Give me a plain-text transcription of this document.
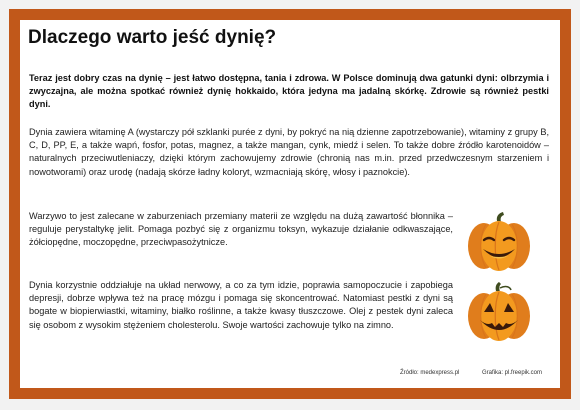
Dlaczego warto jeść dynię?

Teraz jest dobry czas na dynię – jest łatwo dostępna, tania i zdrowa. W Polsce dominują dwa gatunki dyni: olbrzymia i zwyczajna, ale można spotkać również dynię hokkaido, która jedyna ma jadalną skórkę. Zdrowie są również pestki dyni.

Dynia zawiera witaminę A (wystarczy pół szklanki purée z dyni, by pokryć na nią dzienne zapotrzebowanie), witaminy z grupy B, C, D, PP, E, a także wapń, fosfor, potas, magnez, a także mangan, cynk, miedź i selen. To także dobre źródło karotenoidów – naturalnych przeciwutleniaczy, dzięki którym zachowujemy zdrowie (chronią nas m.in. przed przedwczesnym starzeniem i nowotworami) oraz urodę (nadają skórze ładny koloryt, wzmacniają skórę, włosy i paznokcie).

Warzywo to jest zalecane w zaburzeniach przemiany materii ze względu na dużą zawartość błonnika – reguluje perystaltykę jelit. Pomaga pozbyć się z organizmu toksyn, wykazuje działanie odkwaszające, żółciopędne, moczopędne, przeciwpasożytnicze.

Dynia korzystnie oddziałuje na układ nerwowy, a co za tym idzie, poprawia samopoczucie i zapobiega depresji, dobrze wpływa też na pracę mózgu i pomaga się skoncentrować. Natomiast pestki z dyni są bogate w biopierwiastki, witaminy, białko roślinne, a także kwasy tłuszczowe. Olej z pestek dyni zaleca się osobom z wysokim stężeniem cholesterolu. Swoje wartości zachowuje tylko na zimno.

Źródło: medexpress.pl	Grafika: pl.freepik.com
